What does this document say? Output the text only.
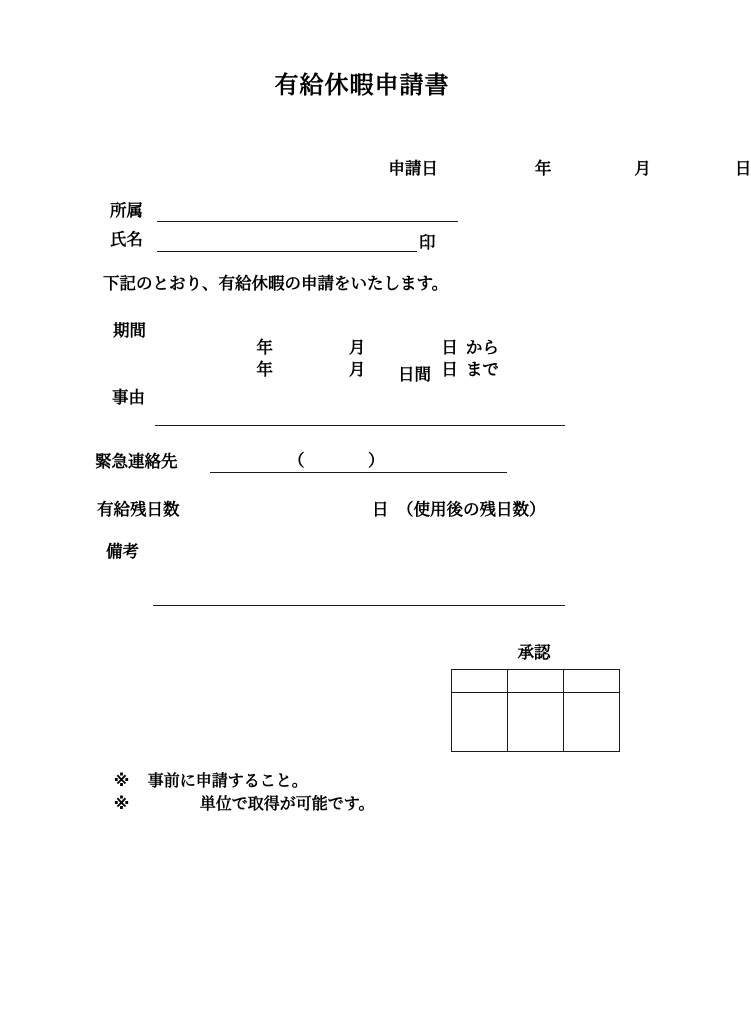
有給休暇申請書

申請日	年	月	日

所属
氏名	印
下記のとおり、有給休暇の申請をいたします。
期間

年	月	日 から

年	月	日 まで

日間
事由
緊急連絡先	（	）
有給残日数	日 （使用後の残日数）
備考
承認

※ 事前に申請すること。

※	単位で取得が可能です。
